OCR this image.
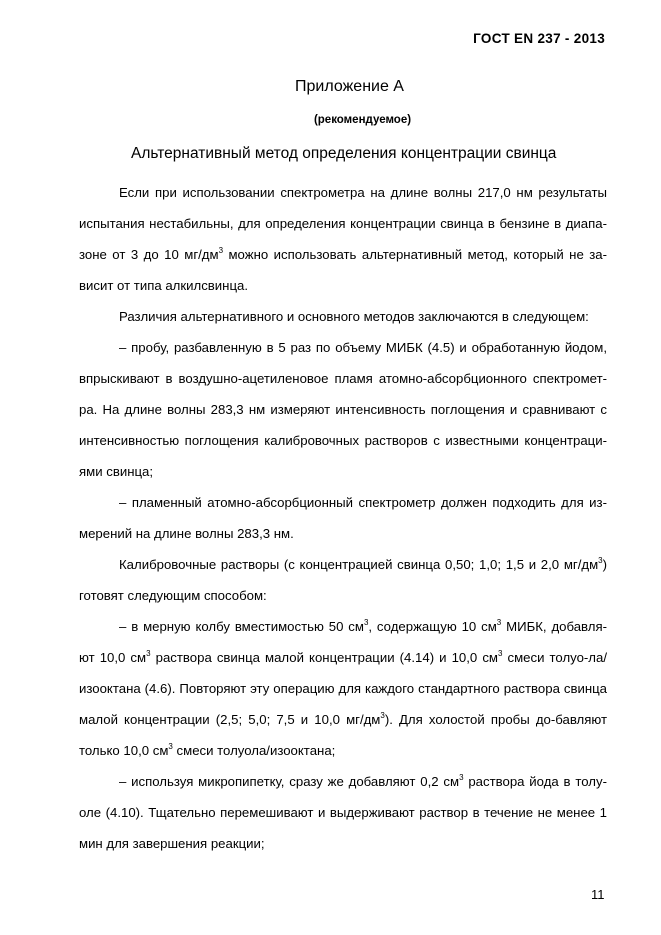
ГОСТ EN 237 - 2013
Приложение А
(рекомендуемое)
Альтернативный метод определения концентрации свинца

Если при использовании спектрометра на длине волны 217,0 нм результаты испытания нестабильны, для определения концентрации свинца в бензине в диапа-зоне от 3 до 10 $мг/дм^3$ можно использовать альтернативный метод, который не за-висит от типа алкилсвинца.

Различия альтернативного и основного методов заключаются в следующем:

– пробу, разбавленную в 5 раз по объему МИБК (4.5) и обработанную йодом, впрыскивают в воздушно-ацетиленовое пламя атомно-абсорбционного спектромет-ра. На длине волны 283,3 нм измеряют интенсивность поглощения и сравнивают с интенсивностью поглощения калибровочных растворов с известными концентраци-ями свинца;

– пламенный атомно-абсорбционный спектрометр должен подходить для из-мерений на длине волны 283,3 нм.

Калибровочные растворы (с концентрацией свинца 0,50; 1,0; 1,5 и 2,0 $мг/дм^3$) готовят следующим способом:

– в мерную колбу вместимостью 50 $см^3$, содержащую 10 $см^3$ МИБК, добавля-ют 10,0 $см^3$ раствора свинца малой концентрации (4.14) и 10,0 $см^3$ смеси толуо-ла/изооктана (4.6). Повторяют эту операцию для каждого стандартного раствора свинца малой концентрации (2,5; 5,0; 7,5 и 10,0 $мг/дм^3$). Для холостой пробы до-бавляют только 10,0 $см^3$ смеси толуола/изооктана;

– используя микропипетку, сразу же добавляют 0,2 $см^3$ раствора йода в толу-оле (4.10). Тщательно перемешивают и выдерживают раствор в течение не менее 1 мин для завершения реакции;

11
